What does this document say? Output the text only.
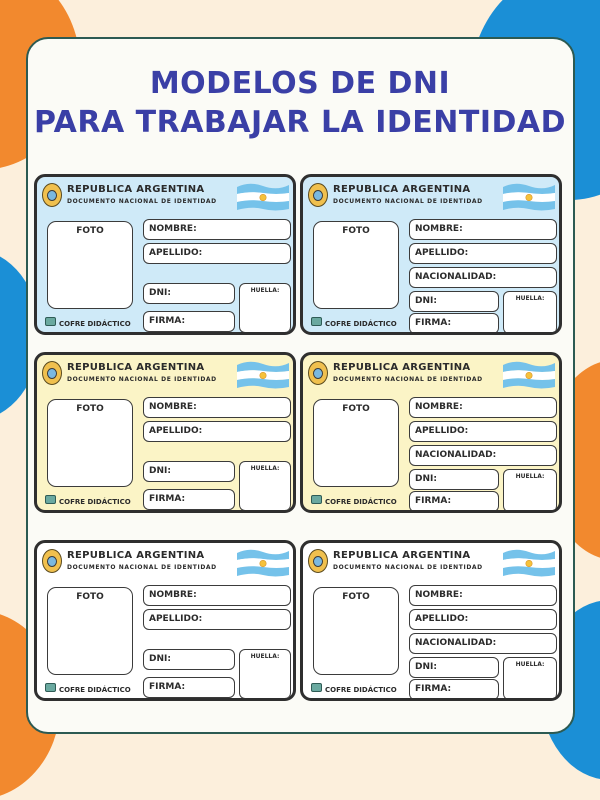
MODELOS DE DNI
PARA TRABAJAR LA IDENTIDAD
REPUBLICA ARGENTINA
DOCUMENTO NACIONAL DE IDENTIDAD
FOTO	NOMBRE:
APELLIDO:
DNI:
FIRMA:
HUELLA:
COFRE DIDÁCTICO
REPUBLICA ARGENTINA
DOCUMENTO NACIONAL DE IDENTIDAD
FOTO	NOMBRE:
APELLIDO:
NACIONALIDAD:
DNI:
FIRMA:
HUELLA:
COFRE DIDÁCTICO
REPUBLICA ARGENTINA
DOCUMENTO NACIONAL DE IDENTIDAD
FOTO	NOMBRE:
APELLIDO:
DNI:
FIRMA:
HUELLA:
COFRE DIDÁCTICO
REPUBLICA ARGENTINA
DOCUMENTO NACIONAL DE IDENTIDAD
FOTO	NOMBRE:
APELLIDO:
NACIONALIDAD:
DNI:
FIRMA:
HUELLA:
COFRE DIDÁCTICO
REPUBLICA ARGENTINA
DOCUMENTO NACIONAL DE IDENTIDAD
FOTO	NOMBRE:
APELLIDO:
DNI:
FIRMA:
HUELLA:
COFRE DIDÁCTICO
REPUBLICA ARGENTINA
DOCUMENTO NACIONAL DE IDENTIDAD
FOTO	NOMBRE:
APELLIDO:
NACIONALIDAD:
DNI:
FIRMA:
HUELLA:
COFRE DIDÁCTICO
